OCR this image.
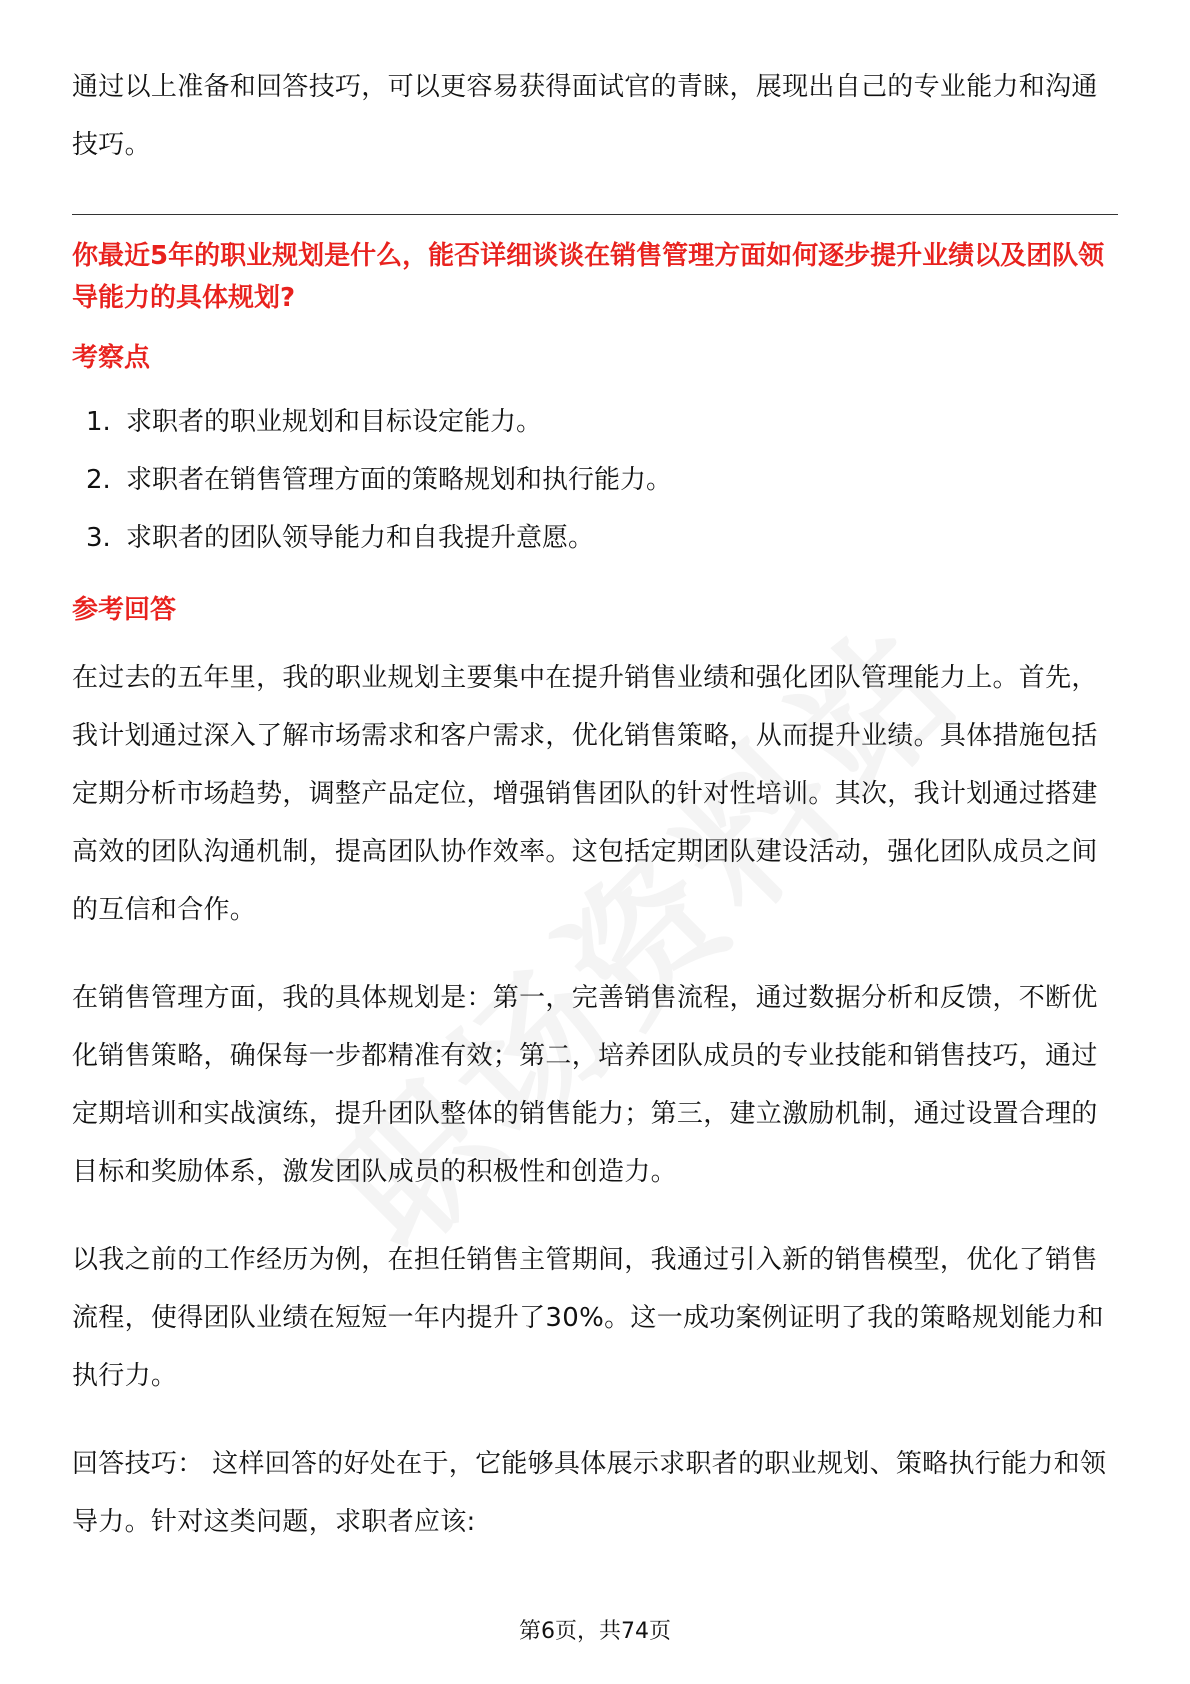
通过以上准备和回答技巧，可以更容易获得面试官的青睐，展现出自己的专业能力和沟通技巧。

你最近5年的职业规划是什么，能否详细谈谈在销售管理方面如何逐步提升业绩以及团队领导能力的具体规划?
考察点
1. 求职者的职业规划和目标设定能力。
2. 求职者在销售管理方面的策略规划和执行能力。
3. 求职者的团队领导能力和自我提升意愿。
参考回答

在过去的五年里，我的职业规划主要集中在提升销售业绩和强化团队管理能力上。首先，我计划通过深入了解市场需求和客户需求，优化销售策略，从而提升业绩。具体措施包括定期分析市场趋势，调整产品定位，增强销售团队的针对性培训。其次，我计划通过搭建高效的团队沟通机制，提高团队协作效率。这包括定期团队建设活动，强化团队成员之间的互信和合作。

在销售管理方面，我的具体规划是：第一，完善销售流程，通过数据分析和反馈，不断优化销售策略，确保每一步都精准有效；第二，培养团队成员的专业技能和销售技巧，通过定期培训和实战演练，提升团队整体的销售能力；第三，建立激励机制，通过设置合理的目标和奖励体系，激发团队成员的积极性和创造力。

以我之前的工作经历为例，在担任销售主管期间，我通过引入新的销售模型，优化了销售流程，使得团队业绩在短短一年内提升了30%。这一成功案例证明了我的策略规划能力和执行力。

回答技巧： 这样回答的好处在于，它能够具体展示求职者的职业规划、策略执行能力和领导力。针对这类问题，求职者应该:

第6页，共74页
